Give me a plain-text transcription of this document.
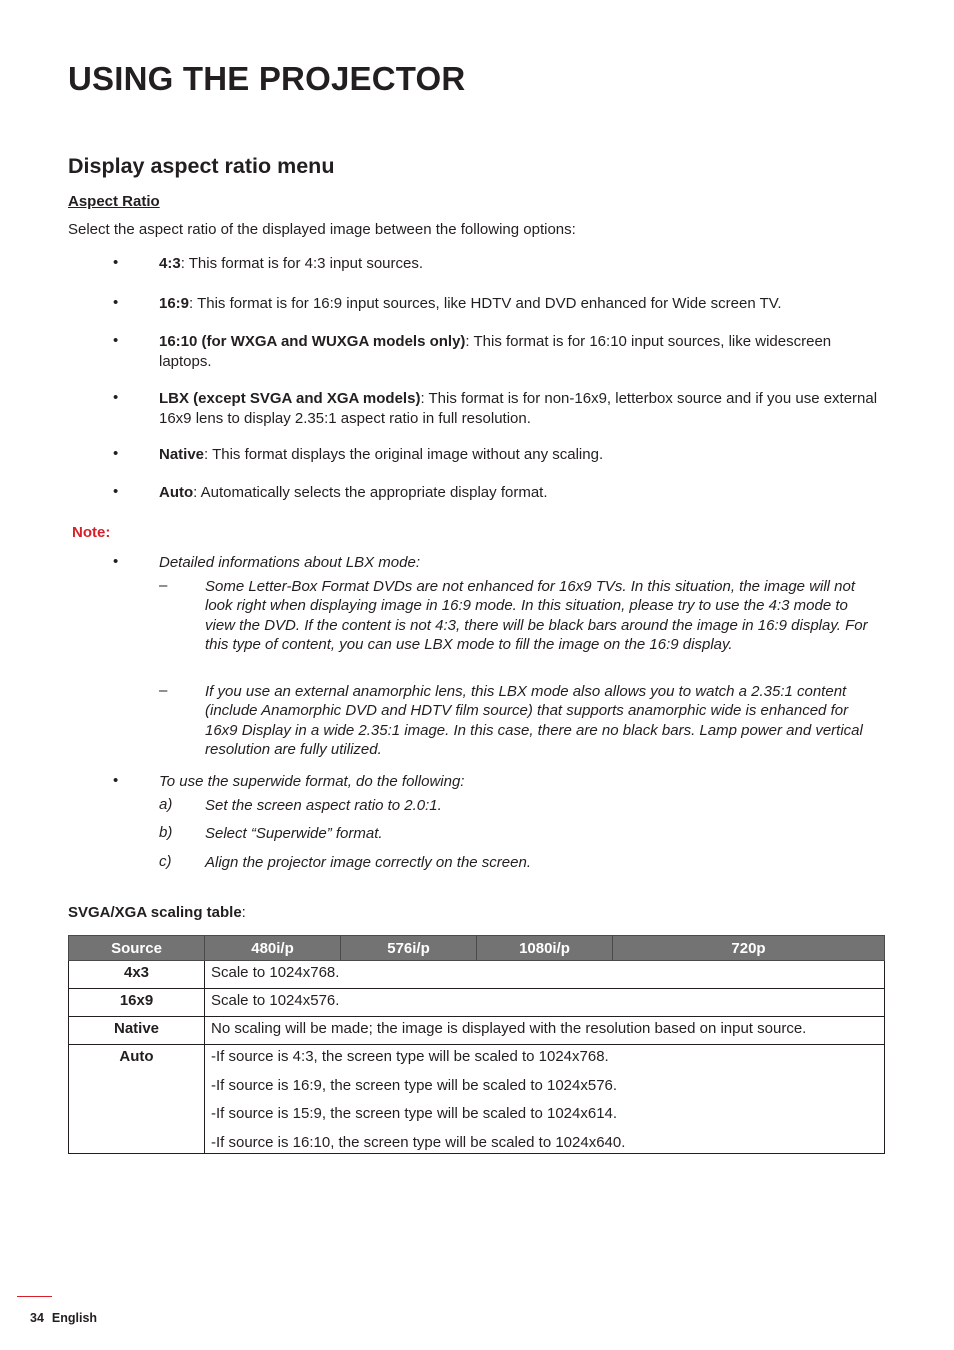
USING THE PROJECTOR
Display aspect ratio menu
Aspect Ratio
Select the aspect ratio of the displayed image between the following options:
•	4:3: This format is for 4:3 input sources.
•	16:9: This format is for 16:9 input sources, like HDTV and DVD enhanced for Wide screen TV.
•	16:10 (for WXGA and WUXGA models only): This format is for 16:10 input sources, like widescreen laptops.
•	LBX (except SVGA and XGA models): This format is for non-16x9, letterbox source and if you use external 16x9 lens to display 2.35:1 aspect ratio in full resolution.
•	Native: This format displays the original image without any scaling.
•	Auto: Automatically selects the appropriate display format.
Note:
•	Detailed informations about LBX mode:
–	Some Letter-Box Format DVDs are not enhanced for 16x9 TVs. In this situation, the image will not look right when displaying image in 16:9 mode. In this situation, please try to use the 4:3 mode to view the DVD. If the content is not 4:3, there will be black bars around the image in 16:9 display. For this type of content, you can use LBX mode to fill the image on the 16:9 display.
–	If you use an external anamorphic lens, this LBX mode also allows you to watch a 2.35:1 content (include Anamorphic DVD and HDTV film source) that supports anamorphic wide is enhanced for 16x9 Display in a wide 2.35:1 image. In this case, there are no black bars. Lamp power and vertical resolution are fully utilized.
•	To use the superwide format, do the following:
a) Set the screen aspect ratio to 2.0:1.
b) Select “Superwide” format.
c) Align the projector image correctly on the screen.
SVGA/XGA scaling table:
Source	480i/p	576i/p	1080i/p	720p
4x3	Scale to 1024x768.			
16x9	Scale to 1024x576.			
Native	No scaling will be made; the image is displayed with the resolution based on input source.			
Auto	-If source is 4:3, the screen type will be scaled to 1024x768.
-If source is 16:9, the screen type will be scaled to 1024x576.
-If source is 15:9, the screen type will be scaled to 1024x614.
-If source is 16:10, the screen type will be scaled to 1024x640.			
34 English
